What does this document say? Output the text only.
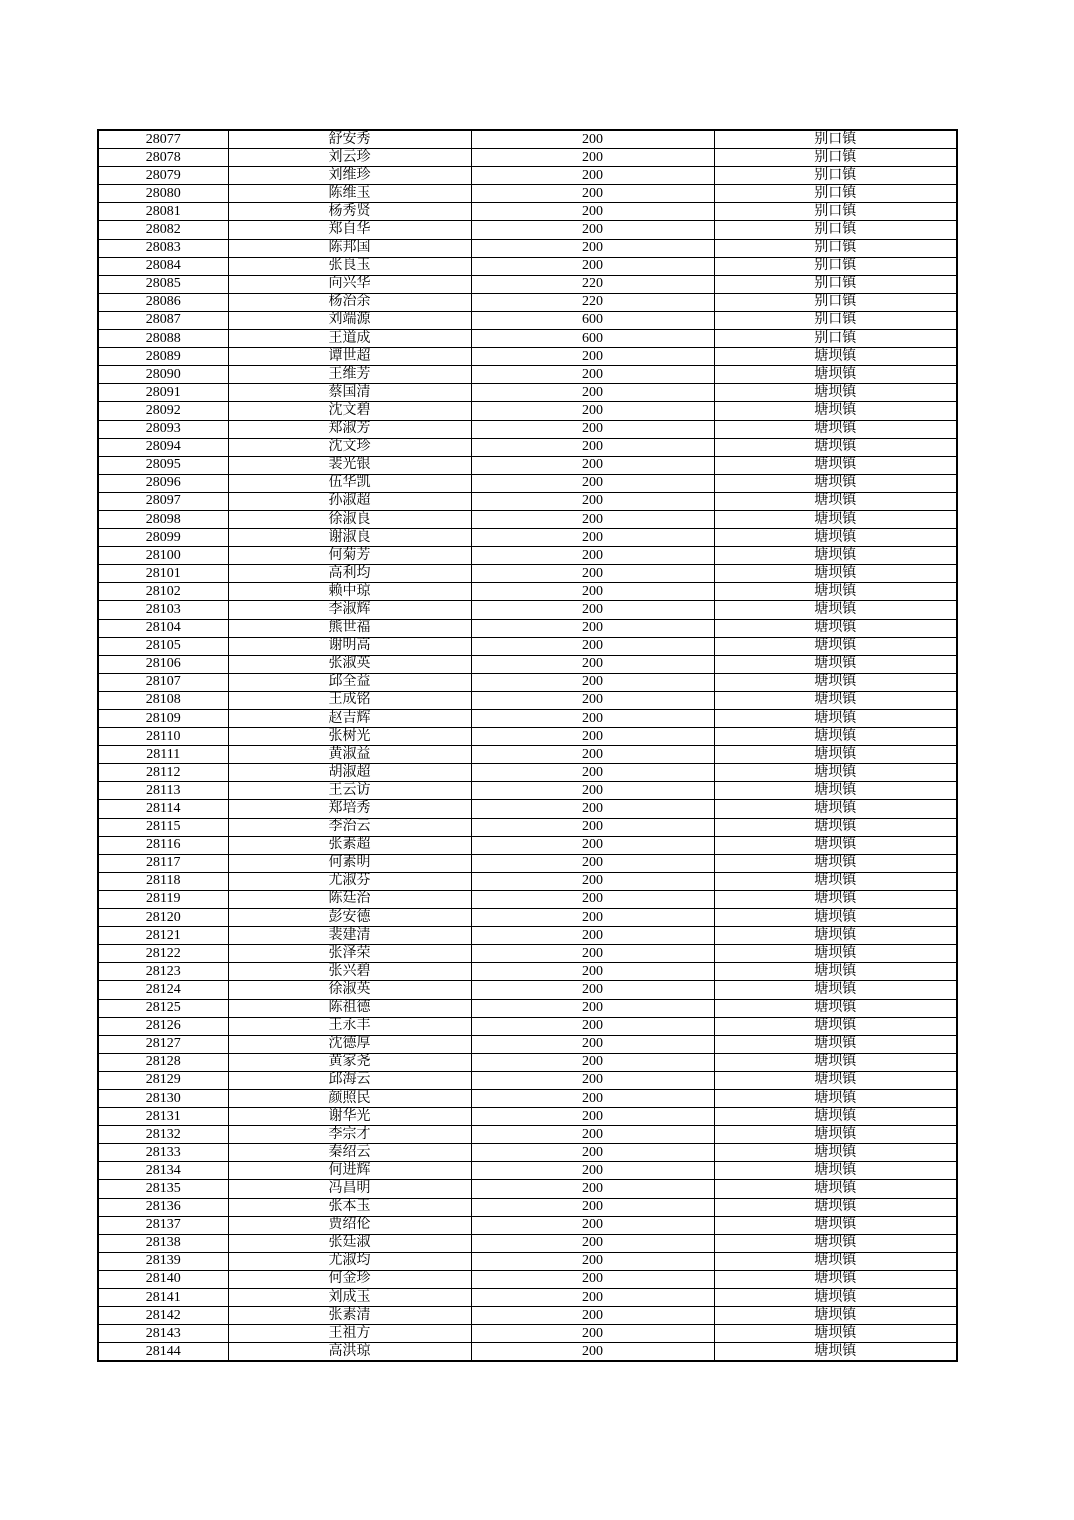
28077	舒安秀	200	别口镇
28078	刘云珍	200	别口镇
28079	刘维珍	200	别口镇
28080	陈维玉	200	别口镇
28081	杨秀贤	200	别口镇
28082	郑自华	200	别口镇
28083	陈邦国	200	别口镇
28084	张良玉	200	别口镇
28085	向兴华	220	别口镇
28086	杨治余	220	别口镇
28087	刘端源	600	别口镇
28088	王道成	600	别口镇
28089	谭世超	200	塘坝镇
28090	王维芳	200	塘坝镇
28091	蔡国清	200	塘坝镇
28092	沈文碧	200	塘坝镇
28093	郑淑芳	200	塘坝镇
28094	沈文珍	200	塘坝镇
28095	裴光银	200	塘坝镇
28096	伍华凯	200	塘坝镇
28097	孙淑超	200	塘坝镇
28098	徐淑良	200	塘坝镇
28099	谢淑良	200	塘坝镇
28100	何菊芳	200	塘坝镇
28101	高利均	200	塘坝镇
28102	赖中琼	200	塘坝镇
28103	李淑辉	200	塘坝镇
28104	熊世福	200	塘坝镇
28105	谢明高	200	塘坝镇
28106	张淑英	200	塘坝镇
28107	邱全益	200	塘坝镇
28108	王成铭	200	塘坝镇
28109	赵吉辉	200	塘坝镇
28110	张树光	200	塘坝镇
28111	黄淑益	200	塘坝镇
28112	胡淑超	200	塘坝镇
28113	王云访	200	塘坝镇
28114	郑培秀	200	塘坝镇
28115	李治云	200	塘坝镇
28116	张素超	200	塘坝镇
28117	何素明	200	塘坝镇
28118	尤淑芬	200	塘坝镇
28119	陈廷治	200	塘坝镇
28120	彭安德	200	塘坝镇
28121	裴建清	200	塘坝镇
28122	张泽荣	200	塘坝镇
28123	张兴碧	200	塘坝镇
28124	徐淑英	200	塘坝镇
28125	陈祖德	200	塘坝镇
28126	王永丰	200	塘坝镇
28127	沈德厚	200	塘坝镇
28128	黄家尧	200	塘坝镇
28129	邱海云	200	塘坝镇
28130	颜照民	200	塘坝镇
28131	谢华光	200	塘坝镇
28132	李宗才	200	塘坝镇
28133	秦绍云	200	塘坝镇
28134	何进辉	200	塘坝镇
28135	冯昌明	200	塘坝镇
28136	张本玉	200	塘坝镇
28137	贾绍伦	200	塘坝镇
28138	张廷淑	200	塘坝镇
28139	尤淑均	200	塘坝镇
28140	何金珍	200	塘坝镇
28141	刘成玉	200	塘坝镇
28142	张素清	200	塘坝镇
28143	王祖方	200	塘坝镇
28144	高洪琼	200	塘坝镇
